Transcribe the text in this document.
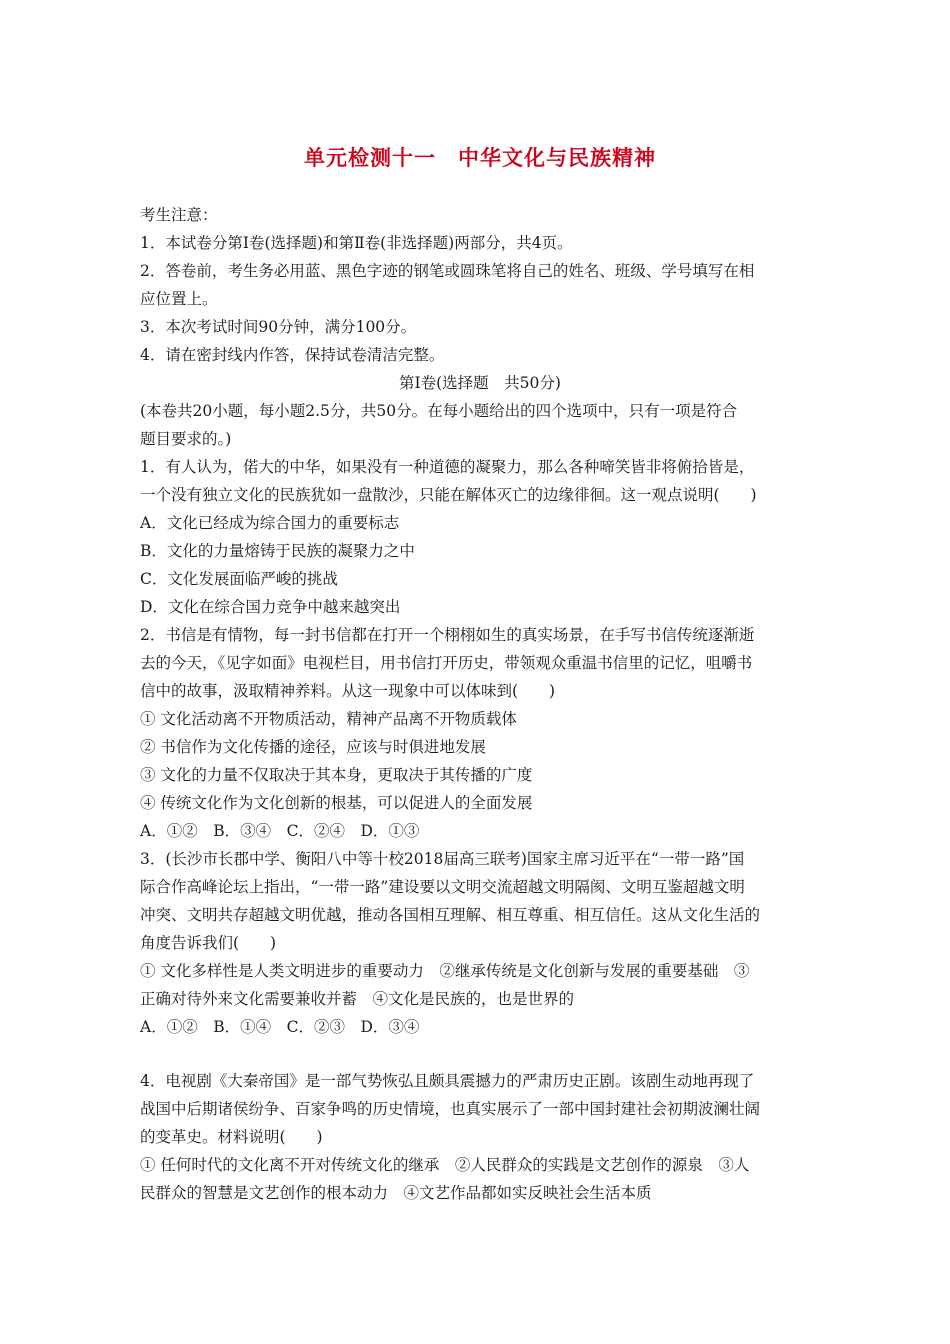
单元检测十一　中华文化与民族精神
考生注意：
1．本试卷分第Ⅰ卷(选择题)和第Ⅱ卷(非选择题)两部分，共4页。
2．答卷前，考生务必用蓝、黑色字迹的钢笔或圆珠笔将自己的姓名、班级、学号填写在相
应位置上。
3．本次考试时间90分钟，满分100分。
4．请在密封线内作答，保持试卷清洁完整。
第Ⅰ卷(选择题　共50分)
(本卷共20小题，每小题2.5分，共50分。在每小题给出的四个选项中，只有一项是符合
题目要求的。)
1．有人认为，偌大的中华，如果没有一种道德的凝聚力，那么各种啼笑皆非将俯拾皆是，
一个没有独立文化的民族犹如一盘散沙，只能在解体灭亡的边缘徘徊。这一观点说明(　　)
A．文化已经成为综合国力的重要标志
B．文化的力量熔铸于民族的凝聚力之中
C．文化发展面临严峻的挑战
D．文化在综合国力竞争中越来越突出
2．书信是有情物，每一封书信都在打开一个栩栩如生的真实场景，在手写书信传统逐渐逝
去的今天，《见字如面》电视栏目，用书信打开历史，带领观众重温书信里的记忆，咀嚼书
信中的故事，汲取精神养料。从这一现象中可以体味到(　　)
① 文化活动离不开物质活动，精神产品离不开物质载体
② 书信作为文化传播的途径，应该与时俱进地发展
③ 文化的力量不仅取决于其本身，更取决于其传播的广度
④ 传统文化作为文化创新的根基，可以促进人的全面发展
A．①②　B．③④　C．②④　D．①③
3．(长沙市长郡中学、衡阳八中等十校2018届高三联考)国家主席习近平在“一带一路”国
际合作高峰论坛上指出，“一带一路”建设要以文明交流超越文明隔阂、文明互鉴超越文明
冲突、文明共存超越文明优越，推动各国相互理解、相互尊重、相互信任。这从文化生活的
角度告诉我们(　　)
① 文化多样性是人类文明进步的重要动力　②继承传统是文化创新与发展的重要基础　③
正确对待外来文化需要兼收并蓄　④文化是民族的，也是世界的
A．①②　B．①④　C．②③　D．③④
4．电视剧《大秦帝国》是一部气势恢弘且颇具震撼力的严肃历史正剧。该剧生动地再现了
战国中后期诸侯纷争、百家争鸣的历史情境，也真实展示了一部中国封建社会初期波澜壮阔
的变革史。材料说明(　　)
① 任何时代的文化离不开对传统文化的继承　②人民群众的实践是文艺创作的源泉　③人
民群众的智慧是文艺创作的根本动力　④文艺作品都如实反映社会生活本质
